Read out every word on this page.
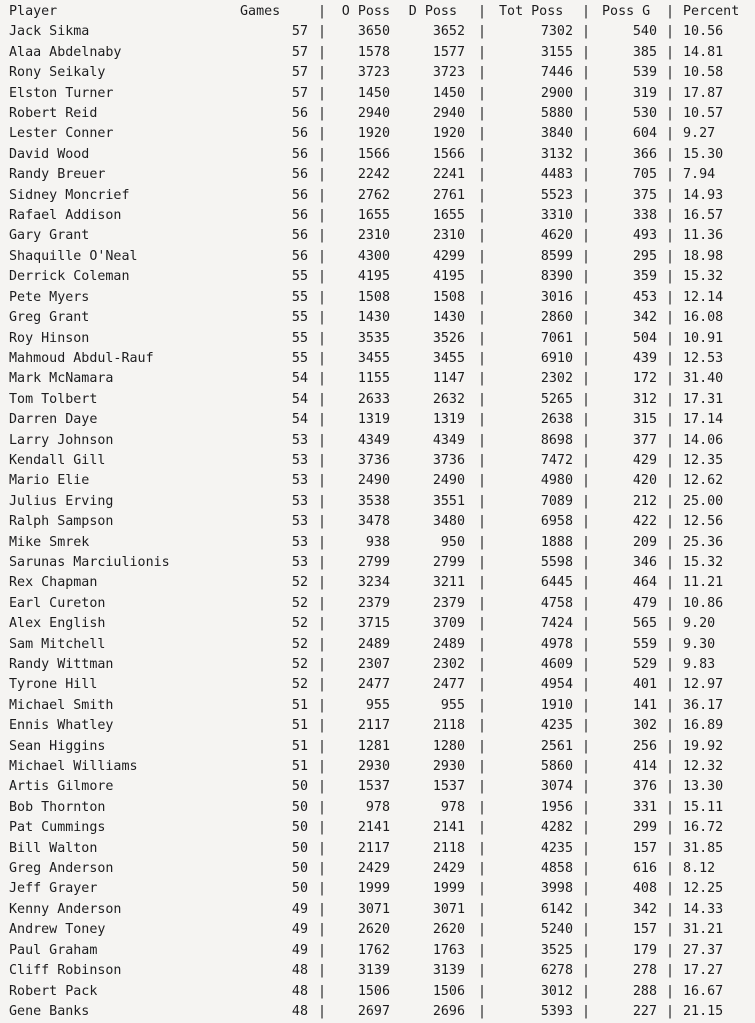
Player	Games	|	O Poss	D Poss	| Tot Poss	| Poss G	| Percent
Jack Sikma	57 |	3650	3652 |	7302 |	540 | 10.56
Alaa Abdelnaby	57 |	1578	1577 |	3155 |	385 | 14.81
Rony Seikaly	57 |	3723	3723 |	7446 |	539 | 10.58
Elston Turner	57 |	1450	1450 |	2900 |	319 | 17.87
Robert Reid	56 |	2940	2940 |	5880 |	530 | 10.57
Lester Conner	56 |	1920	1920 |	3840 |	604 | 9.27
David Wood	56 |	1566	1566 |	3132 |	366 | 15.30
Randy Breuer	56 |	2242	2241 |	4483 |	705 | 7.94
Sidney Moncrief	56 |	2762	2761 |	5523 |	375 | 14.93
Rafael Addison	56 |	1655	1655 |	3310 |	338 | 16.57
Gary Grant	56 |	2310	2310 |	4620 |	493 | 11.36
Shaquille O'Neal	56 |	4300	4299 |	8599 |	295 | 18.98
Derrick Coleman	55 |	4195	4195 |	8390 |	359 | 15.32
Pete Myers	55 |	1508	1508 |	3016 |	453 | 12.14
Greg Grant	55 |	1430	1430 |	2860 |	342 | 16.08
Roy Hinson	55 |	3535	3526 |	7061 |	504 | 10.91
Mahmoud Abdul-Rauf	55 |	3455	3455 |	6910 |	439 | 12.53
Mark McNamara	54 |	1155	1147 |	2302 |	172 | 31.40
Tom Tolbert	54 |	2633	2632 |	5265 |	312 | 17.31
Darren Daye	54 |	1319	1319 |	2638 |	315 | 17.14
Larry Johnson	53 |	4349	4349 |	8698 |	377 | 14.06
Kendall Gill	53 |	3736	3736 |	7472 |	429 | 12.35
Mario Elie	53 |	2490	2490 |	4980 |	420 | 12.62
Julius Erving	53 |	3538	3551 |	7089 |	212 | 25.00
Ralph Sampson	53 |	3478	3480 |	6958 |	422 | 12.56
Mike Smrek	53 |	938	950 |	1888 |	209 | 25.36
Sarunas Marciulionis	53 |	2799	2799 |	5598 |	346 | 15.32
Rex Chapman	52 |	3234	3211 |	6445 |	464 | 11.21
Earl Cureton	52 |	2379	2379 |	4758 |	479 | 10.86
Alex English	52 |	3715	3709 |	7424 |	565 | 9.20
Sam Mitchell	52 |	2489	2489 |	4978 |	559 | 9.30
Randy Wittman	52 |	2307	2302 |	4609 |	529 | 9.83
Tyrone Hill	52 |	2477	2477 |	4954 |	401 | 12.97
Michael Smith	51 |	955	955 |	1910 |	141 | 36.17
Ennis Whatley	51 |	2117	2118 |	4235 |	302 | 16.89
Sean Higgins	51 |	1281	1280 |	2561 |	256 | 19.92
Michael Williams	51 |	2930	2930 |	5860 |	414 | 12.32
Artis Gilmore	50 |	1537	1537 |	3074 |	376 | 13.30
Bob Thornton	50 |	978	978 |	1956 |	331 | 15.11
Pat Cummings	50 |	2141	2141 |	4282 |	299 | 16.72
Bill Walton	50 |	2117	2118 |	4235 |	157 | 31.85
Greg Anderson	50 |	2429	2429 |	4858 |	616 | 8.12
Jeff Grayer	50 |	1999	1999 |	3998 |	408 | 12.25
Kenny Anderson	49 |	3071	3071 |	6142 |	342 | 14.33
Andrew Toney	49 |	2620	2620 |	5240 |	157 | 31.21
Paul Graham	49 |	1762	1763 |	3525 |	179 | 27.37
Cliff Robinson	48 |	3139	3139 |	6278 |	278 | 17.27
Robert Pack	48 |	1506	1506 |	3012 |	288 | 16.67
Gene Banks	48 |	2697	2696 |	5393 |	227 | 21.15
